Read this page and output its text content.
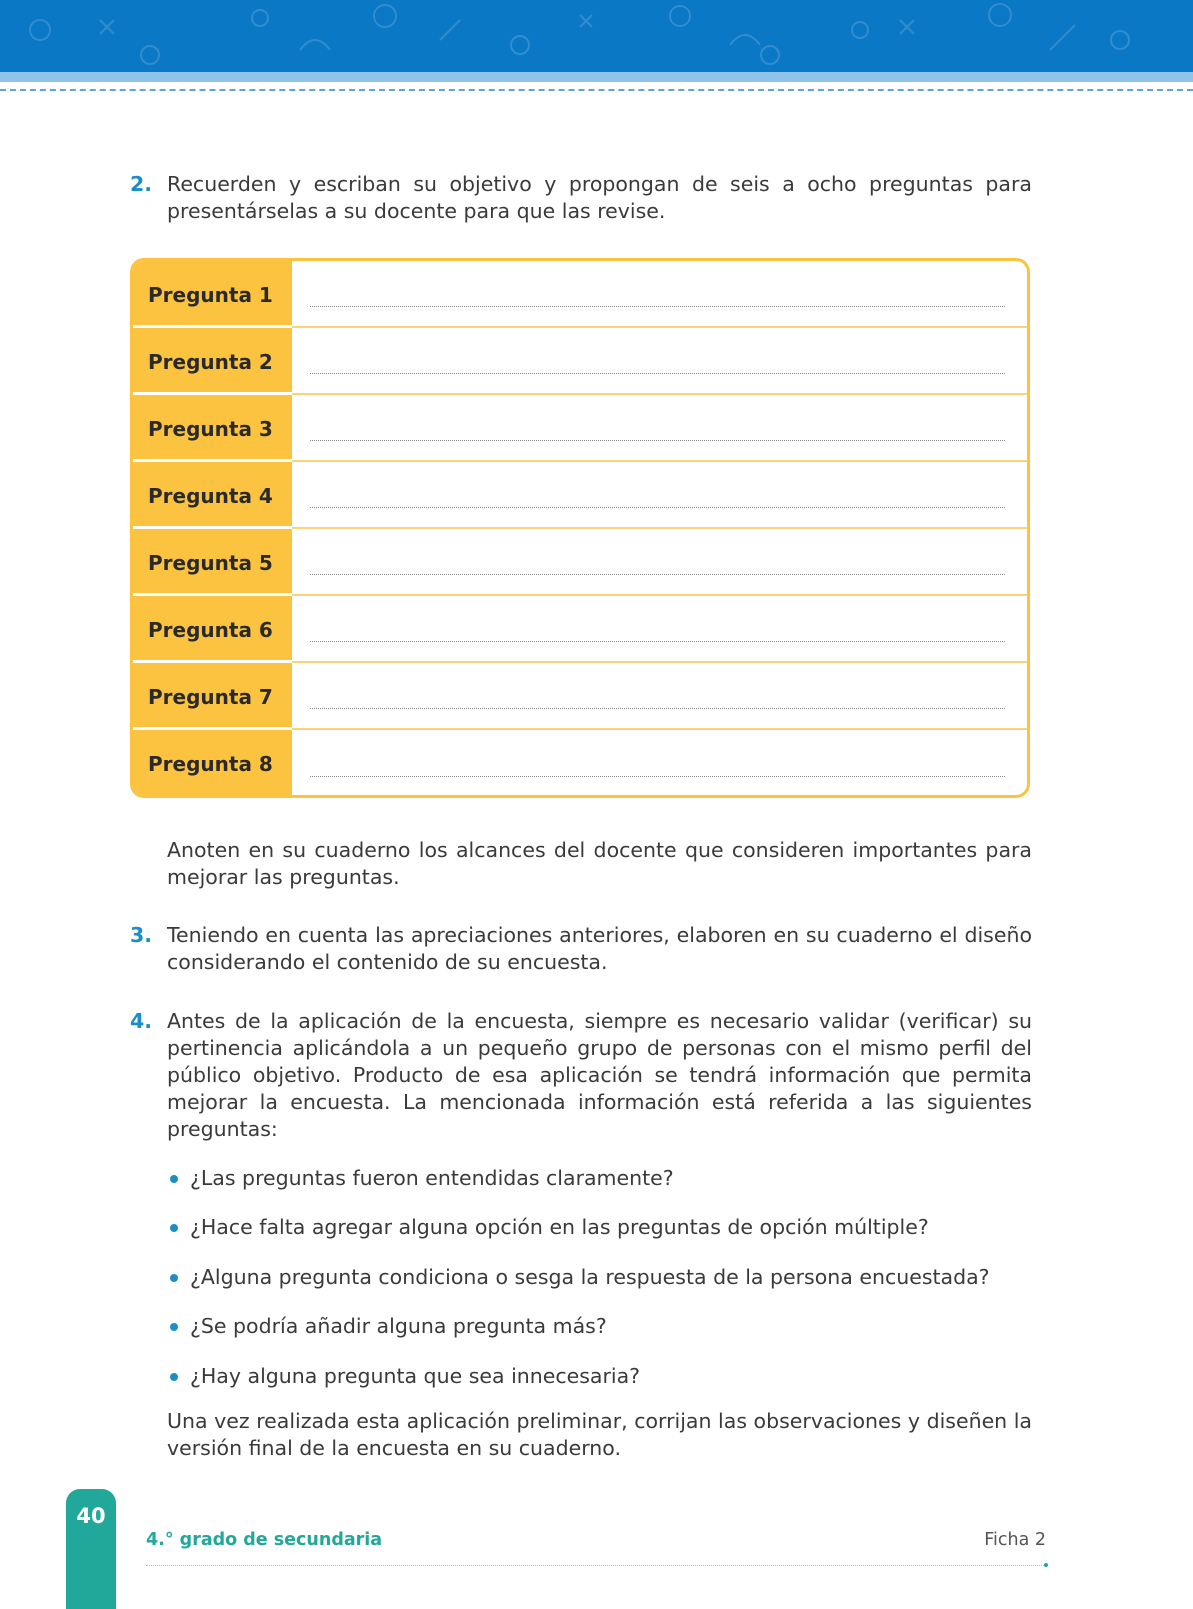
2. Recuerden y escriban su objetivo y propongan de seis a ocho preguntas para presentárselas a su docente para que las revise.
Pregunta 1
Pregunta 2
Pregunta 3
Pregunta 4
Pregunta 5
Pregunta 6
Pregunta 7
Pregunta 8
Anoten en su cuaderno los alcances del docente que consideren importantes para mejorar las preguntas.
3. Teniendo en cuenta las apreciaciones anteriores, elaboren en su cuaderno el diseño considerando el contenido de su encuesta.
4. Antes de la aplicación de la encuesta, siempre es necesario validar (verificar) su pertinencia aplicándola a un pequeño grupo de personas con el mismo perfil del público objetivo. Producto de esa aplicación se tendrá información que permita mejorar la encuesta. La mencionada información está referida a las siguientes preguntas:
¿Las preguntas fueron entendidas claramente?
¿Hace falta agregar alguna opción en las preguntas de opción múltiple?
¿Alguna pregunta condiciona o sesga la respuesta de la persona encuestada?
¿Se podría añadir alguna pregunta más?
¿Hay alguna pregunta que sea innecesaria?
Una vez realizada esta aplicación preliminar, corrijan las observaciones y diseñen la versión final de la encuesta en su cuaderno.
40
4.° grado de secundaria	Ficha 2
